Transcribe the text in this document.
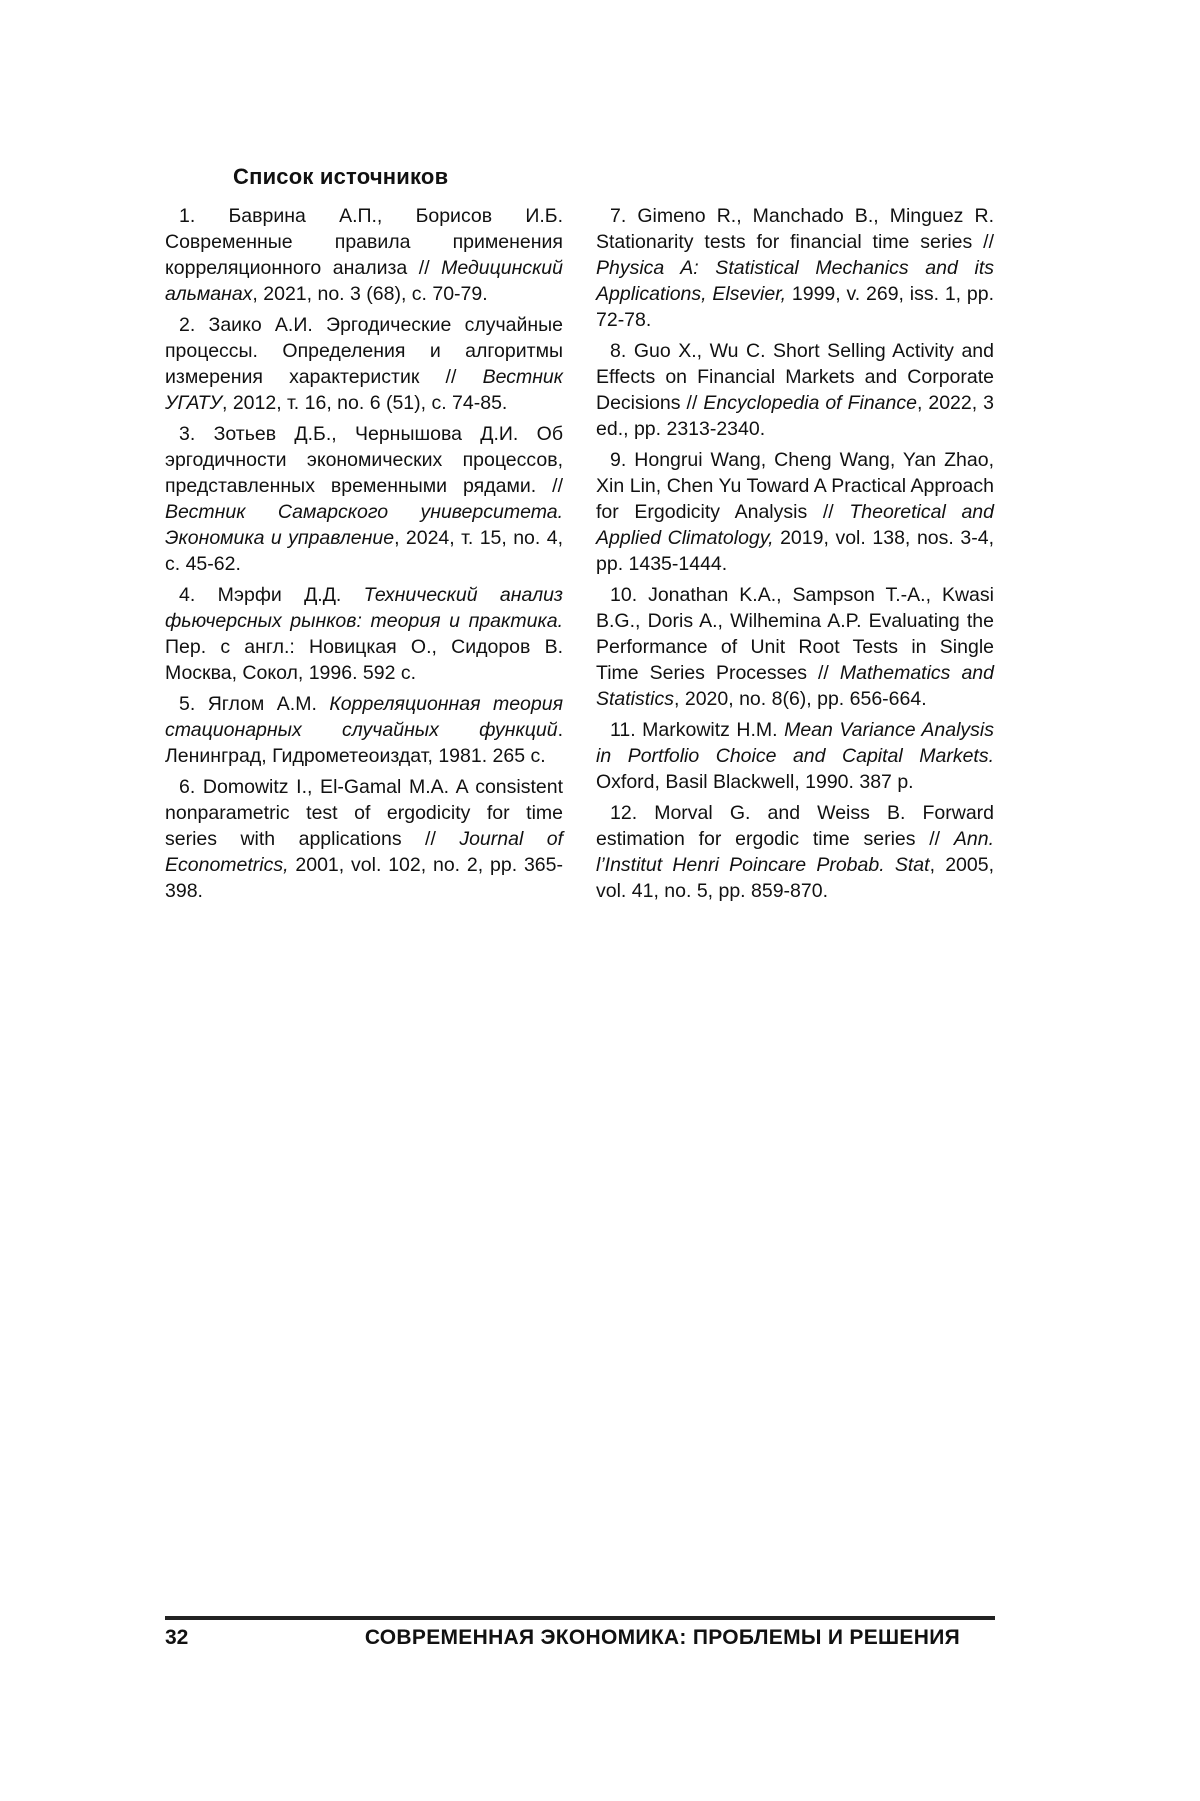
Список источников

1. Баврина А.П., Борисов И.Б. Современные правила применения корреляционного анализа // Медицинский альманах, 2021, no. 3 (68), с. 70-79.

2. Заико А.И. Эргодические случайные процессы. Определения и алгоритмы измерения характеристик // Вестник УГАТУ, 2012, т. 16, no. 6 (51), с. 74-85.

3. Зотьев Д.Б., Чернышова Д.И. Об эргодичности экономических процессов, представленных временными рядами. // Вестник Самарского университета. Экономика и управление, 2024, т. 15, no. 4, с. 45-62.

4. Мэрфи Д.Д. Технический анализ фьючерсных рынков: теория и практика. Пер. с англ.: Новицкая О., Сидоров В. Москва, Сокол, 1996. 592 с.

5. Яглом А.М. Корреляционная теория стационарных случайных функций. Ленинград, Гидрометеоиздат, 1981. 265 с.

6. Domowitz I., El-Gamal M.A. A consistent nonparametric test of ergodicity for time series with applications // Journal of Econometrics, 2001, vol. 102, no. 2, pp. 365-398.

7. Gimeno R., Manchado B., Minguez R. Stationarity tests for financial time series // Physica A: Statistical Mechanics and its Applications, Elsevier, 1999, v. 269, iss. 1, pp. 72-78.

8. Guo X., Wu C. Short Selling Activity and Effects on Financial Markets and Corporate Decisions // Encyclopedia of Finance, 2022, 3 ed., pp. 2313-2340.

9. Hongrui Wang, Cheng Wang, Yan Zhao, Xin Lin, Chen Yu Toward A Practical Approach for Ergodicity Analysis // Theoretical and Applied Climatology, 2019, vol. 138, nos. 3-4, pp. 1435-1444.

10. Jonathan K.A., Sampson T.-A., Kwasi B.G., Doris A., Wilhemina A.P. Evaluating the Performance of Unit Root Tests in Single Time Series Processes // Mathematics and Statistics, 2020, no. 8(6), pp. 656-664.

11. Markowitz H.M. Mean Variance Analysis in Portfolio Choice and Capital Markets. Oxford, Basil Blackwell, 1990. 387 p.

12. Morval G. and Weiss B. Forward estimation for ergodic time series // Ann. l’Institut Henri Poincare Probab. Stat, 2005, vol. 41, no. 5, pp. 859-870.

32	СОВРЕМЕННАЯ ЭКОНОМИКА: ПРОБЛЕМЫ И РЕШЕНИЯ
